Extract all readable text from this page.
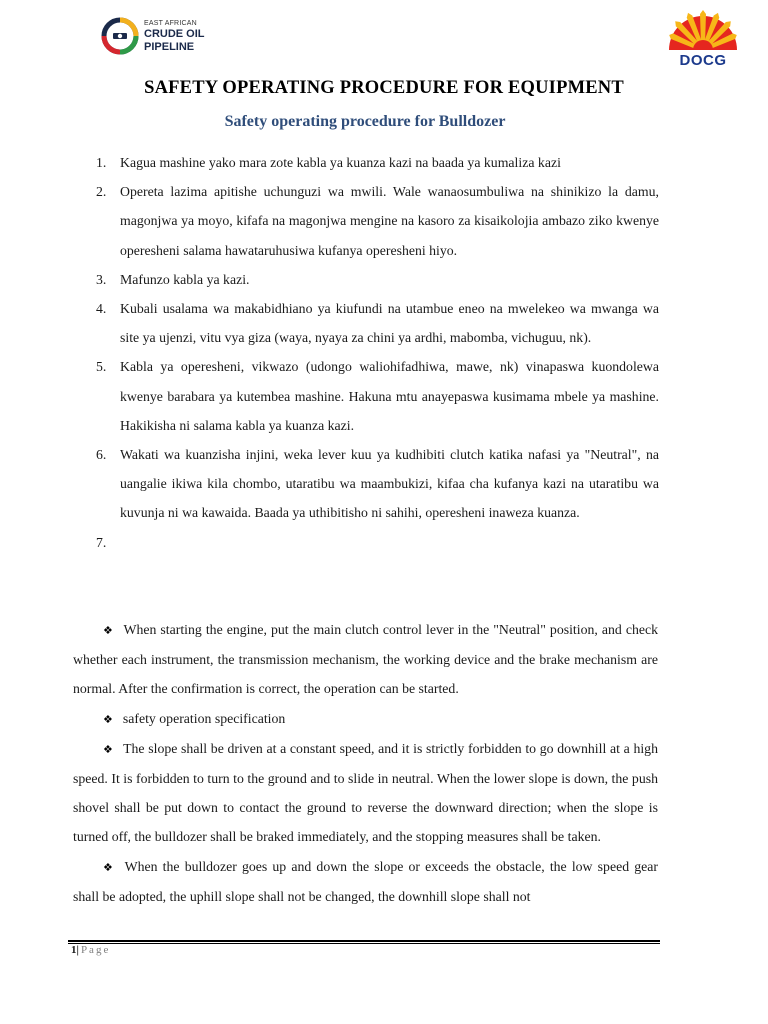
EAST AFRICAN
CRUDE OIL
PIPELINE
DOCG
SAFETY OPERATING PROCEDURE FOR EQUIPMENT
Safety operating procedure for Bulldozer
1. Kagua mashine yako mara zote kabla ya kuanza kazi na baada ya kumaliza kazi
2. Opereta lazima apitishe uchunguzi wa mwili. Wale wanaosumbuliwa na shinikizo la damu, magonjwa ya moyo, kifafa na magonjwa mengine na kasoro za kisaikolojia ambazo ziko kwenye operesheni salama hawataruhusiwa kufanya operesheni hiyo.
3. Mafunzo kabla ya kazi.
4. Kubali usalama wa makabidhiano ya kiufundi na utambue eneo na mwelekeo wa mwanga wa site ya ujenzi, vitu vya giza (waya, nyaya za chini ya ardhi, mabomba, vichuguu, nk).
5. Kabla ya operesheni, vikwazo (udongo waliohifadhiwa, mawe, nk) vinapaswa kuondolewa kwenye barabara ya kutembea mashine. Hakuna mtu anayepaswa kusimama mbele ya mashine. Hakikisha ni salama kabla ya kuanza kazi.
6. Wakati wa kuanzisha injini, weka lever kuu ya kudhibiti clutch katika nafasi ya "Neutral", na uangalie ikiwa kila chombo, utaratibu wa maambukizi, kifaa cha kufanya kazi na utaratibu wa kuvunja ni wa kawaida. Baada ya uthibitisho ni sahihi, operesheni inaweza kuanza.
7.

❖ When starting the engine, put the main clutch control lever in the "Neutral" position, and check whether each instrument, the transmission mechanism, the working device and the brake mechanism are normal. After the confirmation is correct, the operation can be started.

❖ safety operation specification

❖ The slope shall be driven at a constant speed, and it is strictly forbidden to go downhill at a high speed. It is forbidden to turn to the ground and to slide in neutral. When the lower slope is down, the push shovel shall be put down to contact the ground to reverse the downward direction; when the slope is turned off, the bulldozer shall be braked immediately, and the stopping measures shall be taken.

❖ When the bulldozer goes up and down the slope or exceeds the obstacle, the low speed gear shall be adopted, the uphill slope shall not be changed, the downhill slope shall not

1| Page
